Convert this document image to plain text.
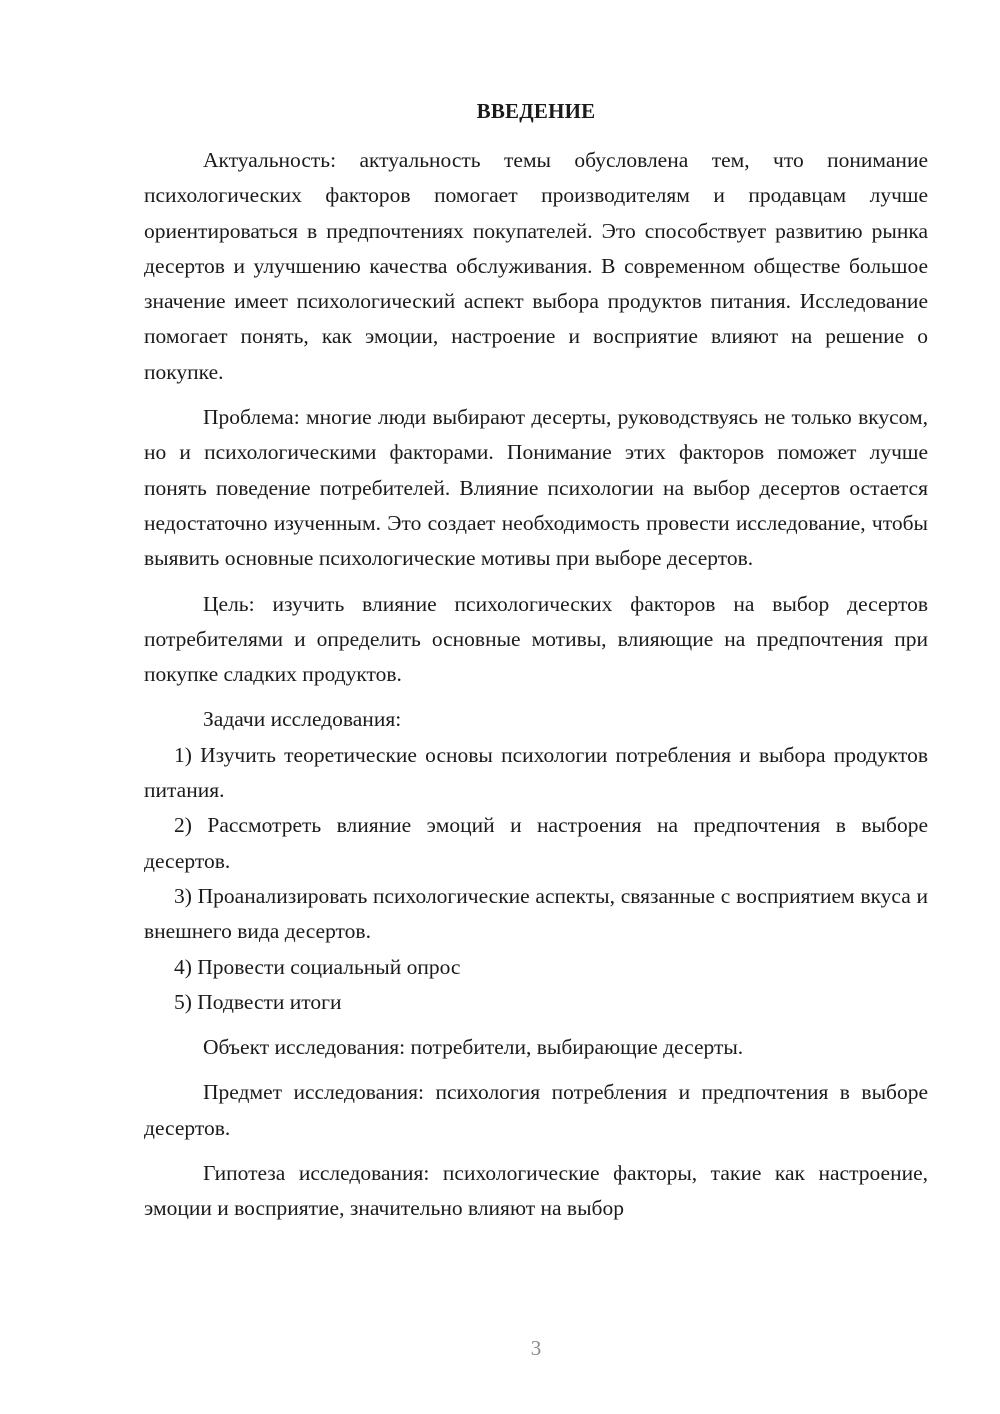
ВВЕДЕНИЕ

Актуальность: актуальность темы обусловлена тем, что понимание психологических факторов помогает производителям и продавцам лучше ориентироваться в предпочтениях покупателей. Это способствует развитию рынка десертов и улучшению качества обслуживания. В современном обществе большое значение имеет психологический аспект выбора продуктов питания. Исследование помогает понять, как эмоции, настроение и восприятие влияют на решение о покупке.

Проблема: многие люди выбирают десерты, руководствуясь не только вкусом, но и психологическими факторами. Понимание этих факторов поможет лучше понять поведение потребителей. Влияние психологии на выбор десертов остается недостаточно изученным. Это создает необходимость провести исследование, чтобы выявить основные психологические мотивы при выборе десертов.

Цель: изучить влияние психологических факторов на выбор десертов потребителями и определить основные мотивы, влияющие на предпочтения при покупке сладких продуктов.

Задачи исследования:

1) Изучить теоретические основы психологии потребления и выбора продуктов питания.

2) Рассмотреть влияние эмоций и настроения на предпочтения в выборе десертов.

3) Проанализировать психологические аспекты, связанные с восприятием вкуса и внешнего вида десертов.

4) Провести социальный опрос

5) Подвести итоги

Объект исследования: потребители, выбирающие десерты.

Предмет исследования: психология потребления и предпочтения в выборе десертов.

Гипотеза исследования: психологические факторы, такие как настроение, эмоции и восприятие, значительно влияют на выбор

3
